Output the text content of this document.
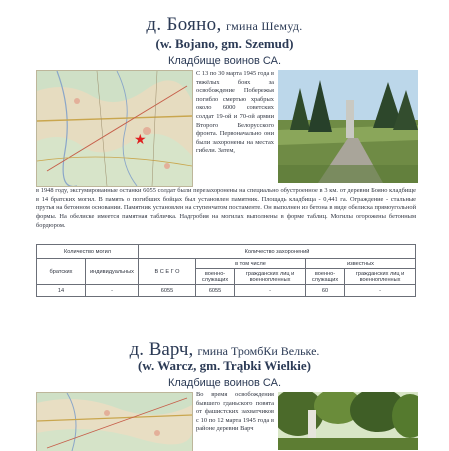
д. Бояно, гмина Шемуд.
(w. Bojano, gm. Szemud)
Кладбище воинов СА.
★
С 13 по 30 марта 1945 года в тяжёлых боях за освобождение Побережья погибло смертью храбрых около 6000 советских солдат 19-ой и 70-ой армии Второго Белорусского фронта. Первоначально они были захоронены на местах гибели. Затем,
в 1948 году, эксгумированные останки 6055 солдат были перезахоронены на специально обустроенное в 3 км. от деревни Бояно кладбище в 14 братских могил. В память о погибших бойцах был установлен памятник. Площадь кладбища - 0,441 га. Ограждение - стальные прутья на бетонном основании. Памятник установлен на ступенчатом постаменте. Он выполнен из бетона в виде обелиска прямоугольной формы. На обелиске имеется памятная табличка. Надгробия на могилах выполнены в форме таблиц. Могилы огорожены бетонным бордюром.
Количество могил		Количество захоронений				
братских	индивидуальных	В С Е Г О	в том числе		известных	
			военно-служащих	гражданских лиц и военнопленных	военно-служащих	гражданских лиц и военнопленных
14	-	6055	6055	-	60	-
д. Варч, гмина ТромбКи Вельке.
(w. Warcz, gm. Trąbki Wielkie)
Кладбище воинов СА.
Во время освобождения бывшего гданьского повята от фашистских захватчиков с 10 по 12 марта 1945 года в районе деревни Варч
